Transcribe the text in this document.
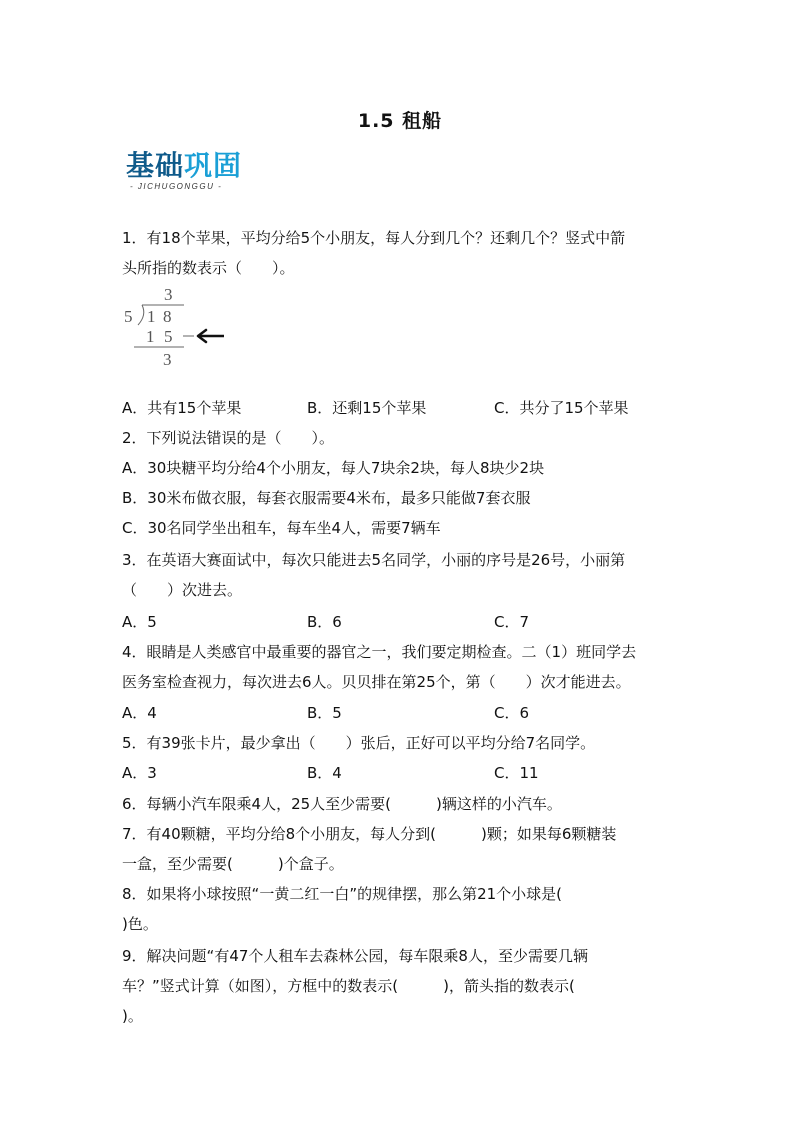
1.5 租船
基础巩固
- JICHUGONGGU -
1．有18个苹果，平均分给5个小朋友，每人分到几个？还剩几个？竖式中箭
头所指的数表示（　　）。
3
5 1 8
1 5
3
A．共有15个苹果	B．还剩15个苹果	C．共分了15个苹果
2．下列说法错误的是（　　）。
A．30块糖平均分给4个小朋友，每人7块余2块，每人8块少2块
B．30米布做衣服，每套衣服需要4米布，最多只能做7套衣服
C．30名同学坐出租车，每车坐4人，需要7辆车
3．在英语大赛面试中，每次只能进去5名同学，小丽的序号是26号，小丽第
（　　）次进去。
A．5	B．6	C．7
4．眼睛是人类感官中最重要的器官之一，我们要定期检查。二（1）班同学去
医务室检查视力，每次进去6人。贝贝排在第25个，第（　　）次才能进去。
A．4	B．5	C．6
5．有39张卡片，最少拿出（　　）张后，正好可以平均分给7名同学。
A．3	B．4	C．11
6．每辆小汽车限乘4人，25人至少需要(　　　)辆这样的小汽车。
7．有40颗糖，平均分给8个小朋友，每人分到(　　　)颗；如果每6颗糖装
一盒，至少需要(　　　)个盒子。
8．如果将小球按照“一黄二红一白”的规律摆，那么第21个小球是(
)色。
9．解决问题“有47个人租车去森林公园，每车限乘8人，至少需要几辆
车？”竖式计算（如图），方框中的数表示(　　　)，箭头指的数表示(
)。
